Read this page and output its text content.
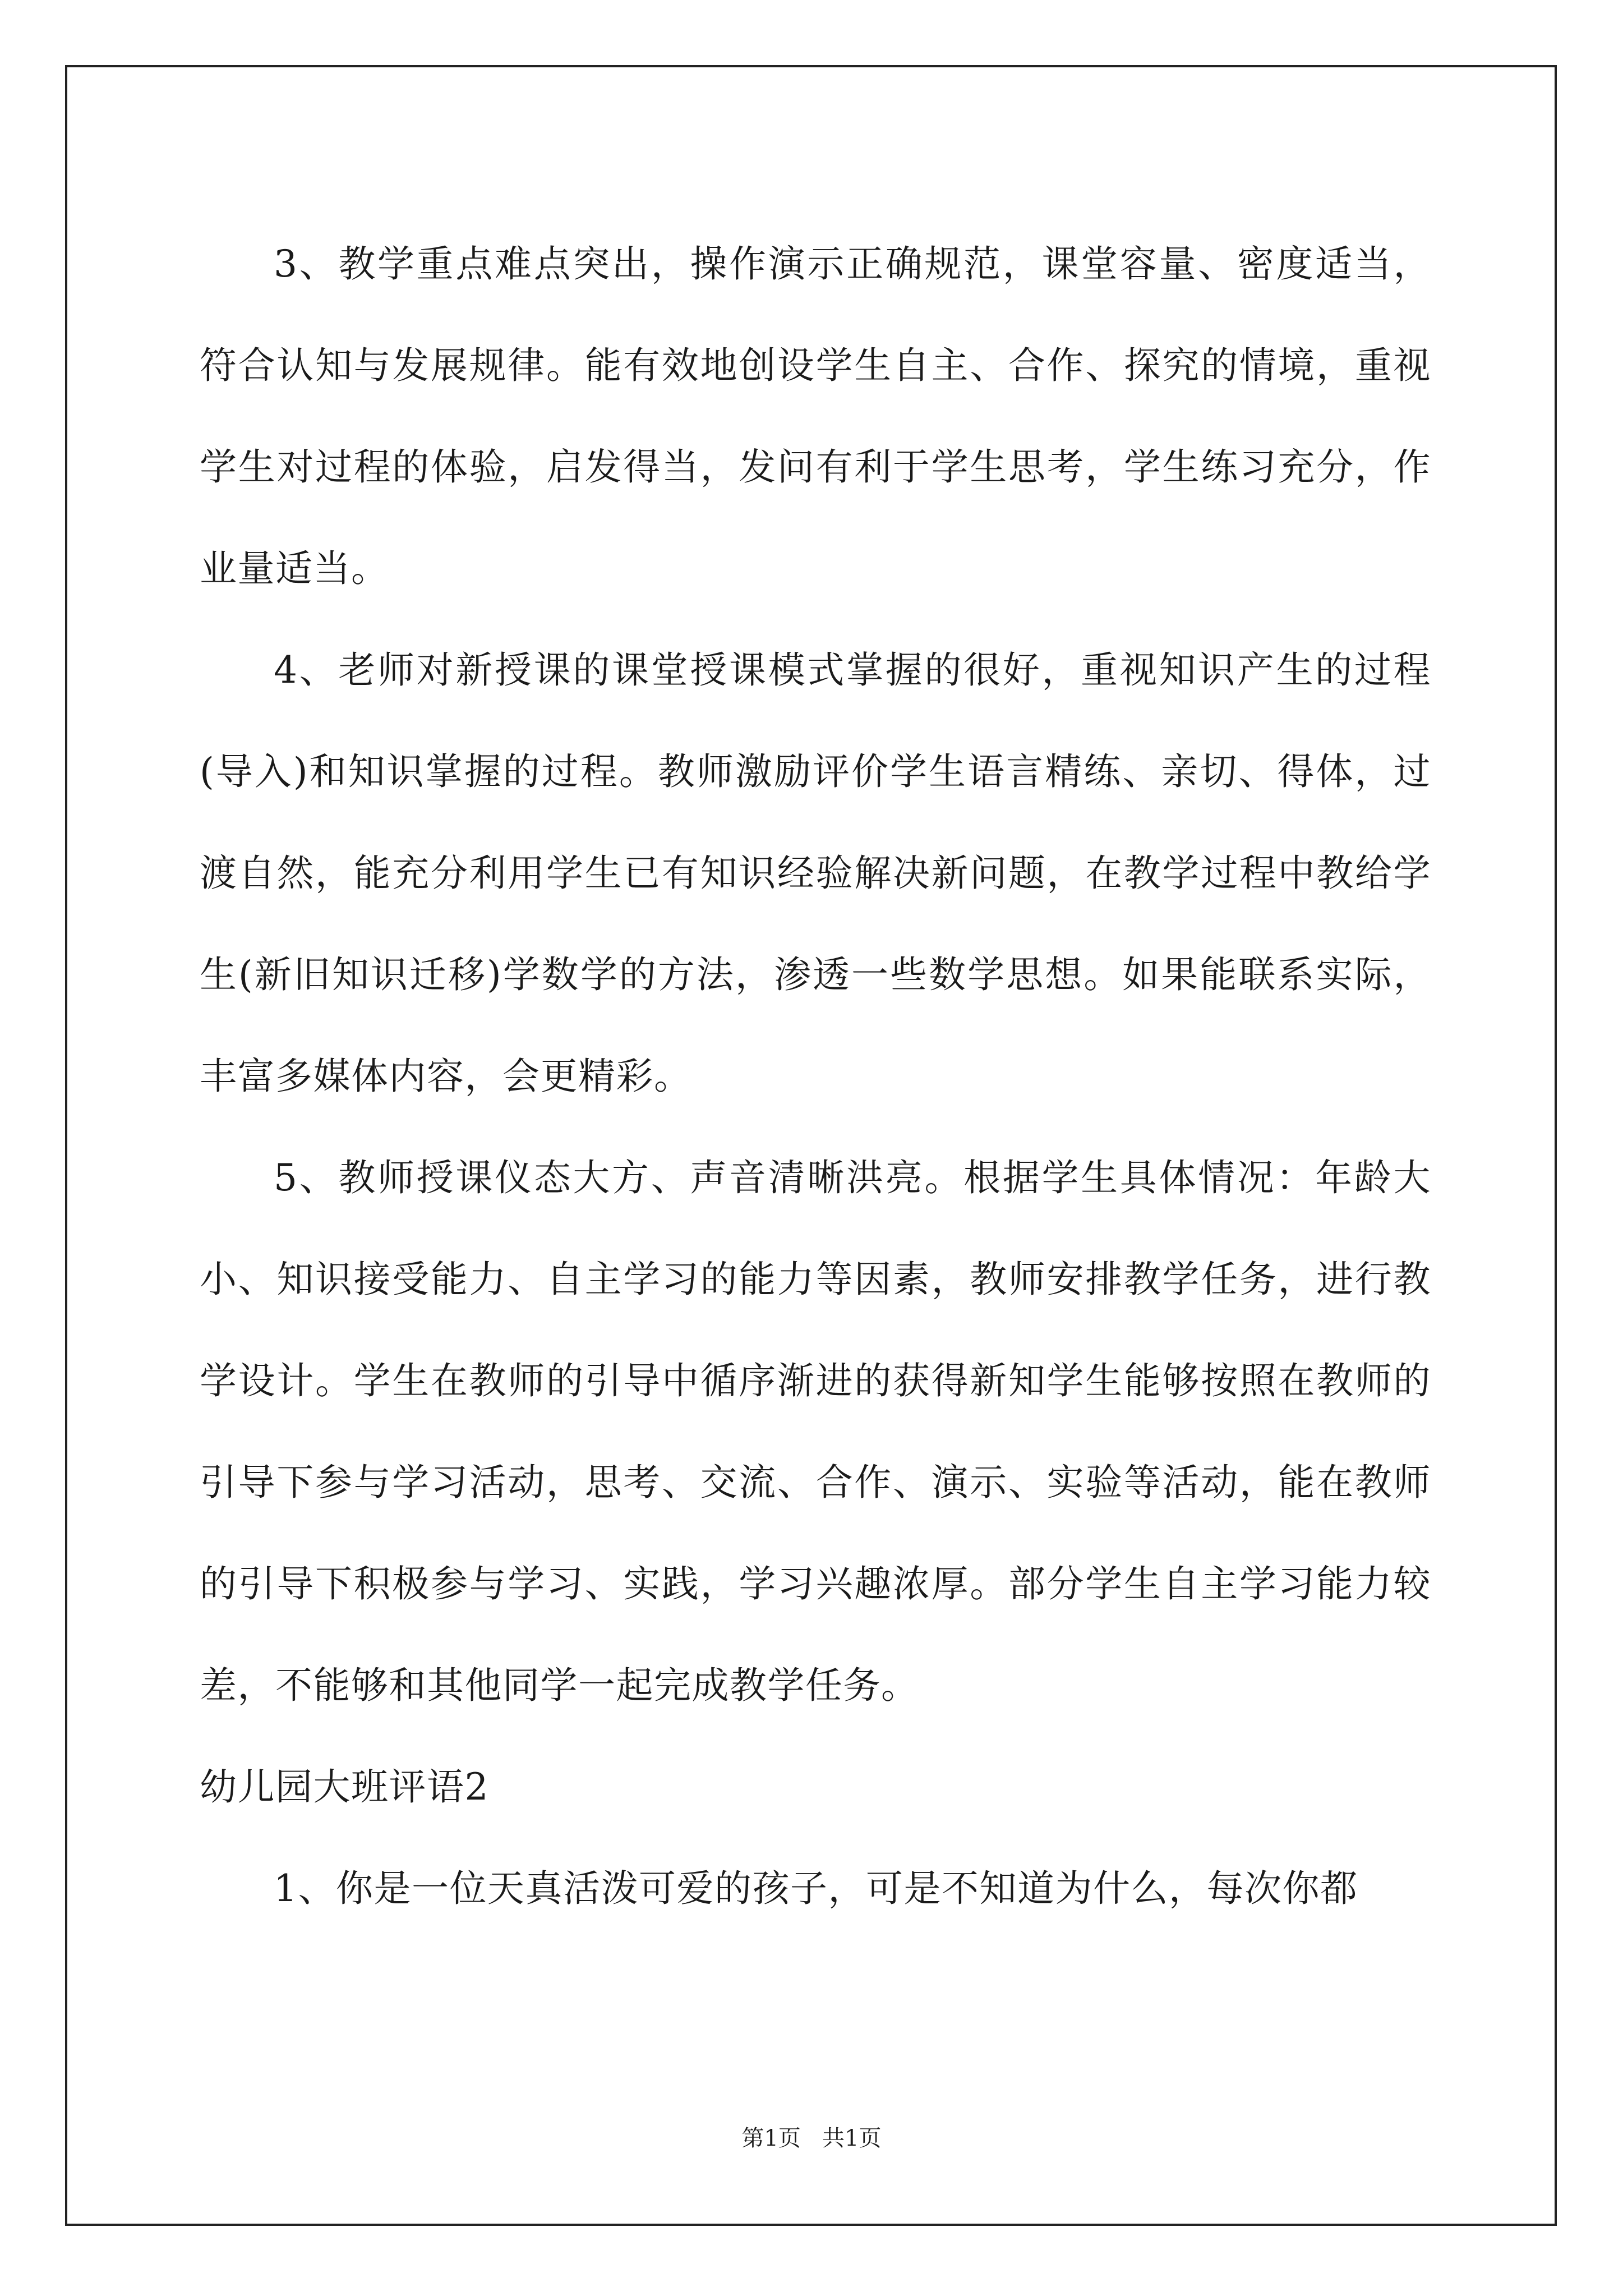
3、教学重点难点突出，操作演示正确规范，课堂容量、密度适当，符合认知与发展规律。能有效地创设学生自主、合作、探究的情境，重视学生对过程的体验，启发得当，发问有利于学生思考，学生练习充分，作业量适当。

4、老师对新授课的课堂授课模式掌握的很好，重视知识产生的过程(导入)和知识掌握的过程。教师激励评价学生语言精练、亲切、得体，过渡自然，能充分利用学生已有知识经验解决新问题，在教学过程中教给学生(新旧知识迁移)学数学的方法，渗透一些数学思想。如果能联系实际，丰富多媒体内容，会更精彩。

5、教师授课仪态大方、声音清晰洪亮。根据学生具体情况：年龄大小、知识接受能力、自主学习的能力等因素，教师安排教学任务，进行教学设计。学生在教师的引导中循序渐进的获得新知学生能够按照在教师的引导下参与学习活动，思考、交流、合作、演示、实验等活动，能在教师的引导下积极参与学习、实践，学习兴趣浓厚。部分学生自主学习能力较差，不能够和其他同学一起完成教学任务。

幼儿园大班评语2

1、你是一位天真活泼可爱的孩子，可是不知道为什么，每次你都

第1页   共1页
